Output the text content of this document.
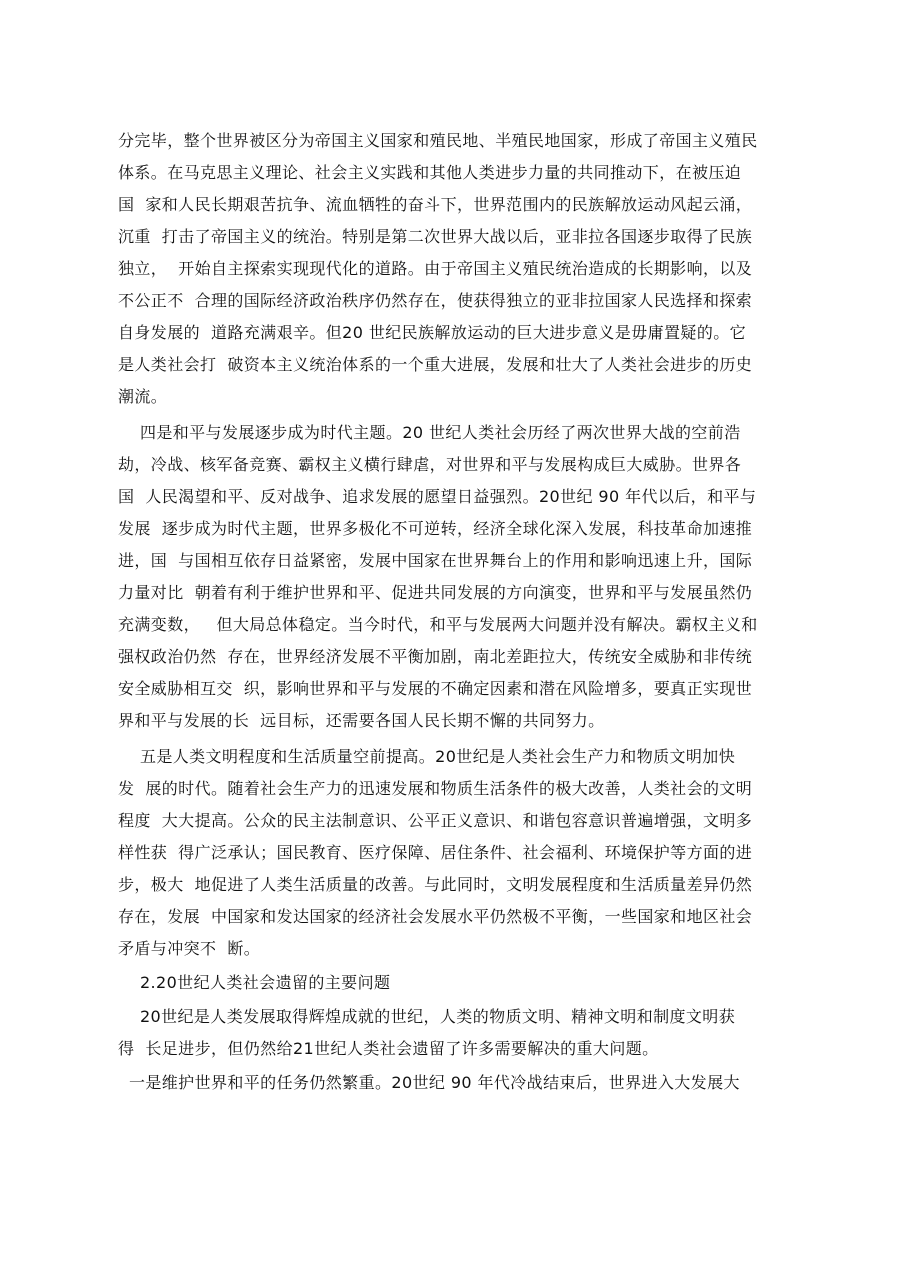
分完毕，整个世界被区分为帝国主义国家和殖民地、半殖民地国家，形成了帝国主义殖民

体系。在马克思主义理论、社会主义实践和其他人类进步力量的共同推动下，在被压迫

国  家和人民长期艰苦抗争、流血牺牲的奋斗下，世界范围内的民族解放运动风起云涌，

沉重  打击了帝国主义的统治。特别是第二次世界大战以后，亚非拉各国逐步取得了民族

独立，  开始自主探索实现现代化的道路。由于帝国主义殖民统治造成的长期影响，以及

不公正不  合理的国际经济政治秩序仍然存在，使获得独立的亚非拉国家人民选择和探索

自身发展的  道路充满艰辛。但20 世纪民族解放运动的巨大进步意义是毋庸置疑的。它

是人类社会打  破资本主义统治体系的一个重大进展，发展和壮大了人类社会进步的历史

潮流。

四是和平与发展逐步成为时代主题。20 世纪人类社会历经了两次世界大战的空前浩

劫，冷战、核军备竞赛、霸权主义横行肆虐，对世界和平与发展构成巨大威胁。世界各

国  人民渴望和平、反对战争、追求发展的愿望日益强烈。20世纪 90 年代以后，和平与

发展  逐步成为时代主题，世界多极化不可逆转，经济全球化深入发展，科技革命加速推

进，国  与国相互依存日益紧密，发展中国家在世界舞台上的作用和影响迅速上升，国际

力量对比  朝着有利于维护世界和平、促进共同发展的方向演变，世界和平与发展虽然仍

充满变数，   但大局总体稳定。当今时代，和平与发展两大问题并没有解决。霸权主义和

强权政治仍然  存在，世界经济发展不平衡加剧，南北差距拉大，传统安全威胁和非传统

安全威胁相互交  织，影响世界和平与发展的不确定因素和潜在风险增多，要真正实现世

界和平与发展的长  远目标，还需要各国人民长期不懈的共同努力。

五是人类文明程度和生活质量空前提高。20世纪是人类社会生产力和物质文明加快

发  展的时代。随着社会生产力的迅速发展和物质生活条件的极大改善，人类社会的文明

程度  大大提高。公众的民主法制意识、公平正义意识、和谐包容意识普遍增强，文明多

样性获  得广泛承认；国民教育、医疗保障、居住条件、社会福利、环境保护等方面的进

步，极大  地促进了人类生活质量的改善。与此同时，文明发展程度和生活质量差异仍然

存在，发展  中国家和发达国家的经济社会发展水平仍然极不平衡，一些国家和地区社会

矛盾与冲突不  断。

2.20世纪人类社会遗留的主要问题

20世纪是人类发展取得辉煌成就的世纪，人类的物质文明、精神文明和制度文明获

得  长足进步，但仍然给21世纪人类社会遗留了许多需要解决的重大问题。

一是维护世界和平的任务仍然繁重。20世纪 90 年代冷战结束后，世界进入大发展大
